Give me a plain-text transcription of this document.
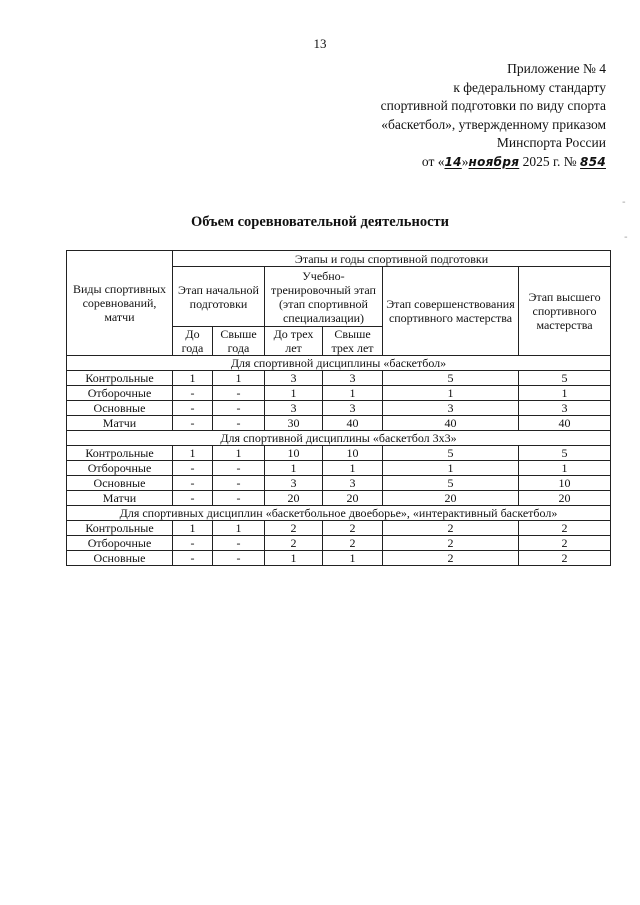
13
Приложение № 4
к федеральному стандарту
спортивной подготовки по виду спорта
«баскетбол», утвержденному приказом
Минспорта России
от «14»ноября 2025 г. № 854
Объем соревновательной деятельности
Виды спортивных соревнований, матчи	Этапы и годы спортивной подготовки					
	Этап начальной подготовки		Учебно-тренировочный этап (этап спортивной специализации)		Этап совершенствования спортивного мастерства	Этап высшего спортивного мастерства
	До года	Свыше года	До трех лет	Свыше трех лет		
Для спортивной дисциплины «баскетбол»						
Контрольные	1	1	3	3	5	5
Отборочные	-	-	1	1	1	1
Основные	-	-	3	3	3	3
Матчи	-	-	30	40	40	40
Для спортивной дисциплины «баскетбол 3x3»						
Контрольные	1	1	10	10	5	5
Отборочные	-	-	1	1	1	1
Основные	-	-	3	3	5	10
Матчи	-	-	20	20	20	20
Для спортивных дисциплин «баскетбольное двоеборье», «интерактивный баскетбол»						
Контрольные	1	1	2	2	2	2
Отборочные	-	-	2	2	2	2
Основные	-	-	1	1	2	2
-
-
